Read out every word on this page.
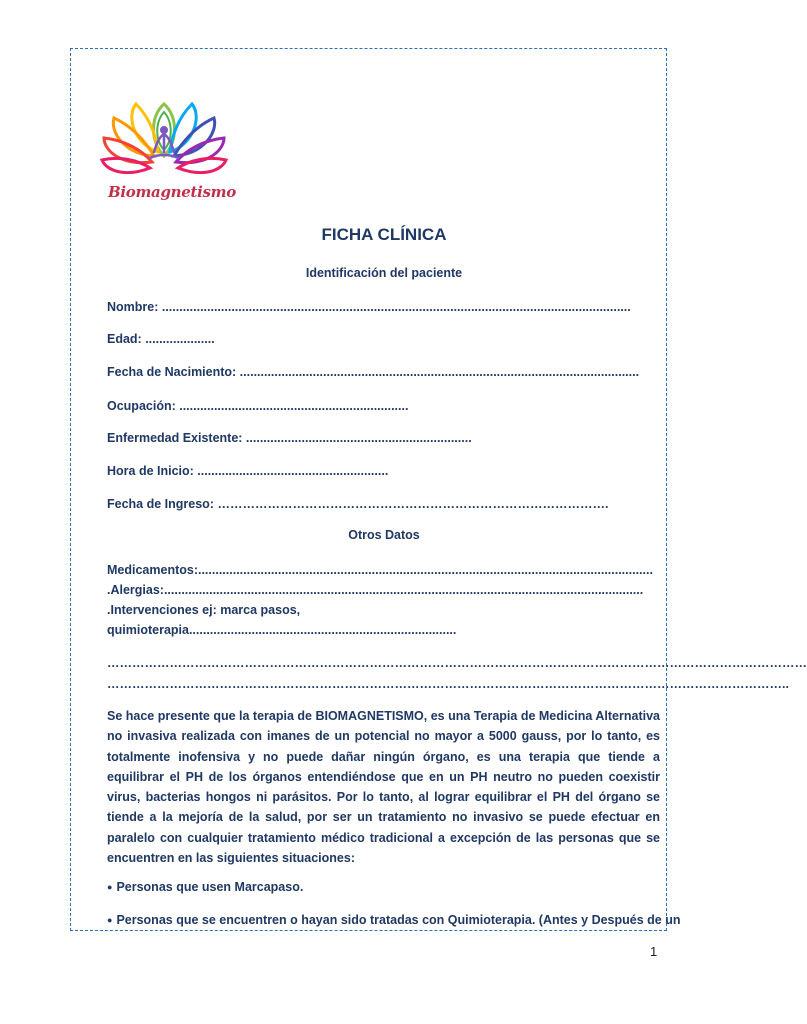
Biomagnetismo
FICHA CLÍNICA
Identificación del paciente
Nombre: .......................................................................................................................................
Edad: ....................
Fecha de Nacimiento: ...................................................................................................................
Ocupación: ..................................................................
Enfermedad Existente: .................................................................
Hora de Inicio: .......................................................
Fecha de Ingreso: ………………………………………………………………………………….
Otros Datos
Medicamentos:...................................................................................................................................
.Alergias:..........................................................................................................................................
.Intervenciones ej: marca pasos,
quimioterapia.............................................................................
……………………………………………………………………………………………………………………………………………………
………………………………………………………………………………………………………………………………………………..
Se hace presente que la terapia de BIOMAGNETISMO, es una Terapia de Medicina Alternativa no invasiva realizada con imanes de un potencial no mayor a 5000 gauss, por lo tanto, es totalmente inofensiva y no puede dañar ningún órgano, es una terapia que tiende a equilibrar el PH de los órganos entendiéndose que en un PH neutro no pueden coexistir virus, bacterias hongos ni parásitos. Por lo tanto, al lograr equilibrar el PH del órgano se tiende a la mejoría de la salud, por ser un tratamiento no invasivo se puede efectuar en paralelo con cualquier tratamiento médico tradicional a excepción de las personas que se encuentren en las siguientes situaciones:
● Personas que usen Marcapaso.
● Personas que se encuentren o hayan sido tratadas con Quimioterapia. (Antes y Después de un
1
